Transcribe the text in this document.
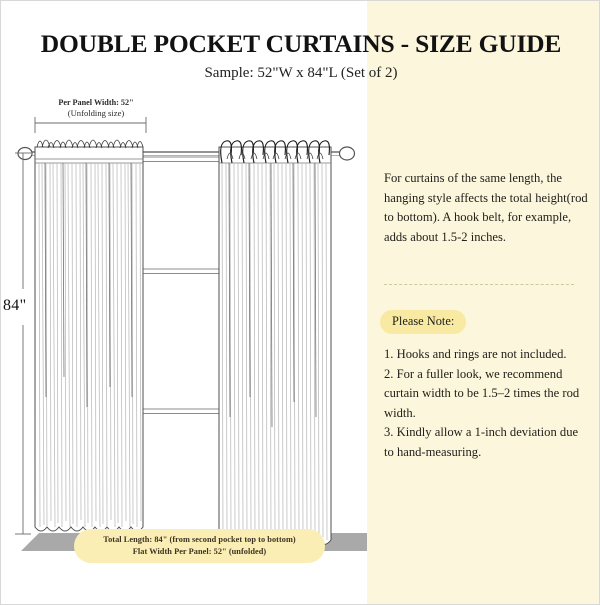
DOUBLE POCKET CURTAINS - SIZE GUIDE
Sample: 52"W x 84"L (Set of 2)
Per Panel Width: 52"
(Unfolding size)
84"
Total Length: 84" (from second pocket top to bottom)
Flat Width Per Panel: 52" (unfolded)
For curtains of the same length, the hanging style affects the total height(rod to bottom). A hook belt, for example, adds about 1.5-2 inches.
Please Note:
1. Hooks and rings are not included.
2. For a fuller look, we recommend curtain width to be 1.5–2 times the rod width.
3. Kindly allow a 1-inch deviation due to hand-measuring.
